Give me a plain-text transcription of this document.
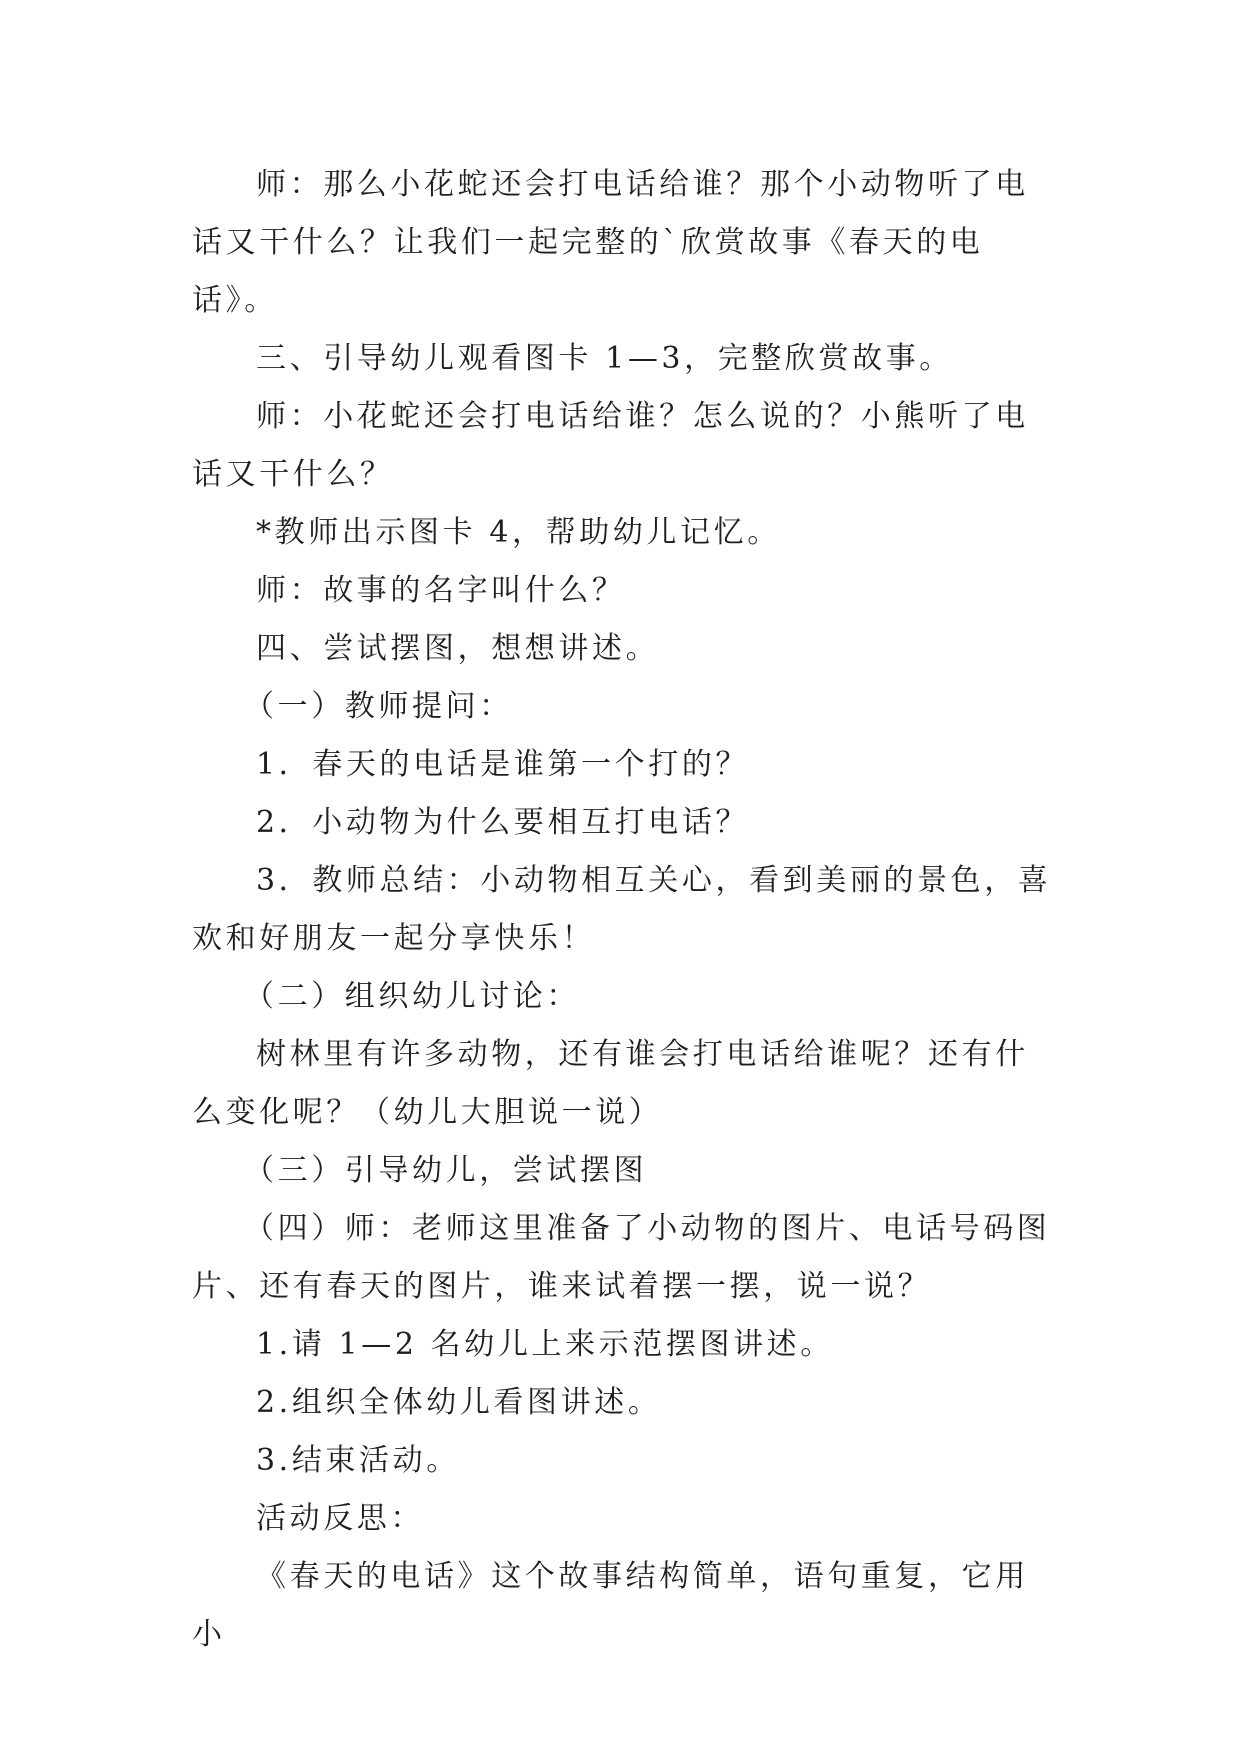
师：那么小花蛇还会打电话给谁？那个小动物听了电话又干什么？让我们一起完整的`欣赏故事《春天的电话》。

三、引导幼儿观看图卡 1—3，完整欣赏故事。

师：小花蛇还会打电话给谁？怎么说的？小熊听了电话又干什么？

*教师出示图卡 4，帮助幼儿记忆。

师：故事的名字叫什么？

四、尝试摆图，想想讲述。

（一）教师提问：

1．春天的电话是谁第一个打的？

2．小动物为什么要相互打电话？

3．教师总结：小动物相互关心，看到美丽的景色，喜欢和好朋友一起分享快乐！

（二）组织幼儿讨论：

树林里有许多动物，还有谁会打电话给谁呢？还有什么变化呢？（幼儿大胆说一说）

（三）引导幼儿，尝试摆图

（四）师：老师这里准备了小动物的图片、电话号码图片、还有春天的图片，谁来试着摆一摆，说一说？

1.请 1—2 名幼儿上来示范摆图讲述。

2.组织全体幼儿看图讲述。

3.结束活动。

活动反思：

《春天的电话》这个故事结构简单，语句重复，它用小
